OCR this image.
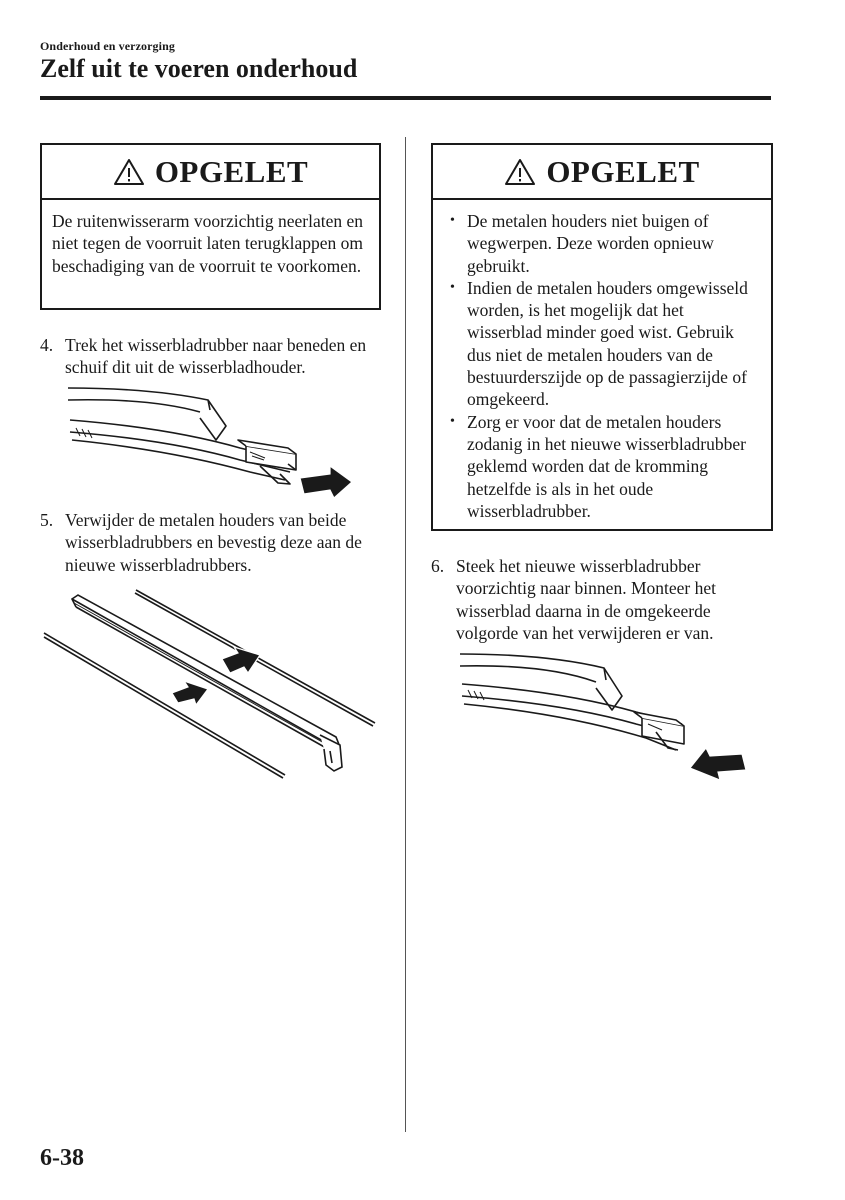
Onderhoud en verzorging
Zelf uit te voeren onderhoud
OPGELET
De ruitenwisserarm voorzichtig neerlaten en niet tegen de voorruit laten terugklappen om beschadiging van de voorruit te voorkomen.
4. Trek het wisserbladrubber naar beneden en schuif dit uit de wisserbladhouder.
5. Verwijder de metalen houders van beide wisserbladrubbers en bevestig deze aan de nieuwe wisserbladrubbers.
OPGELET
• De metalen houders niet buigen of wegwerpen. Deze worden opnieuw gebruikt.
• Indien de metalen houders omgewisseld worden, is het mogelijk dat het wisserblad minder goed wist. Gebruik dus niet de metalen houders van de bestuurderszijde op de passagierzijde of omgekeerd.
• Zorg er voor dat de metalen houders zodanig in het nieuwe wisserbladrubber geklemd worden dat de kromming hetzelfde is als in het oude wisserbladrubber.
6. Steek het nieuwe wisserbladrubber voorzichtig naar binnen. Monteer het wisserblad daarna in de omgekeerde volgorde van het verwijderen er van.
6-38
